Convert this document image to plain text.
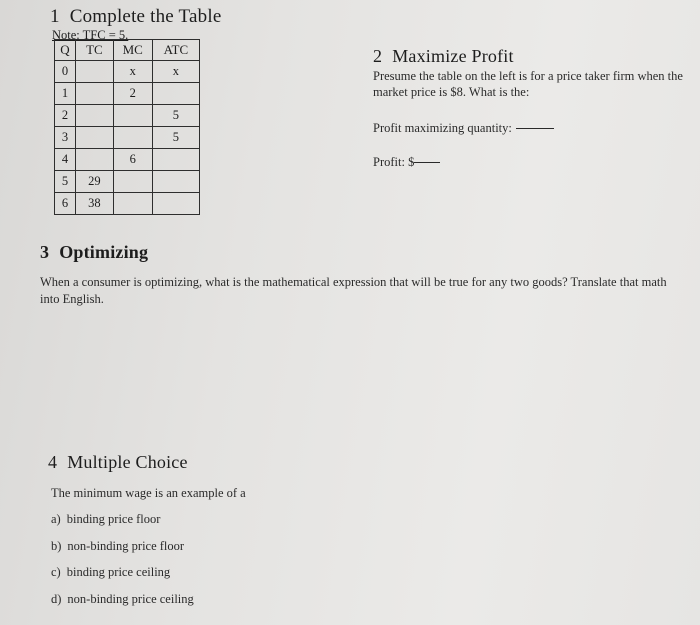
1 Complete the Table
Note: TFC = 5.
Q	TC	MC	ATC
0		x	x
1		2	
2			5
3			5
4		6	
5	29		
6	38		
2 Maximize Profit
Presume the table on the left is for a price taker firm when the market price is $8. What is the:
Profit maximizing quantity:
Profit: $
3 Optimizing
When a consumer is optimizing, what is the mathematical expression that will be true for any two goods? Translate that math into English.
4 Multiple Choice
The minimum wage is an example of a
a) binding price floor
b) non-binding price floor
c) binding price ceiling
d) non-binding price ceiling
